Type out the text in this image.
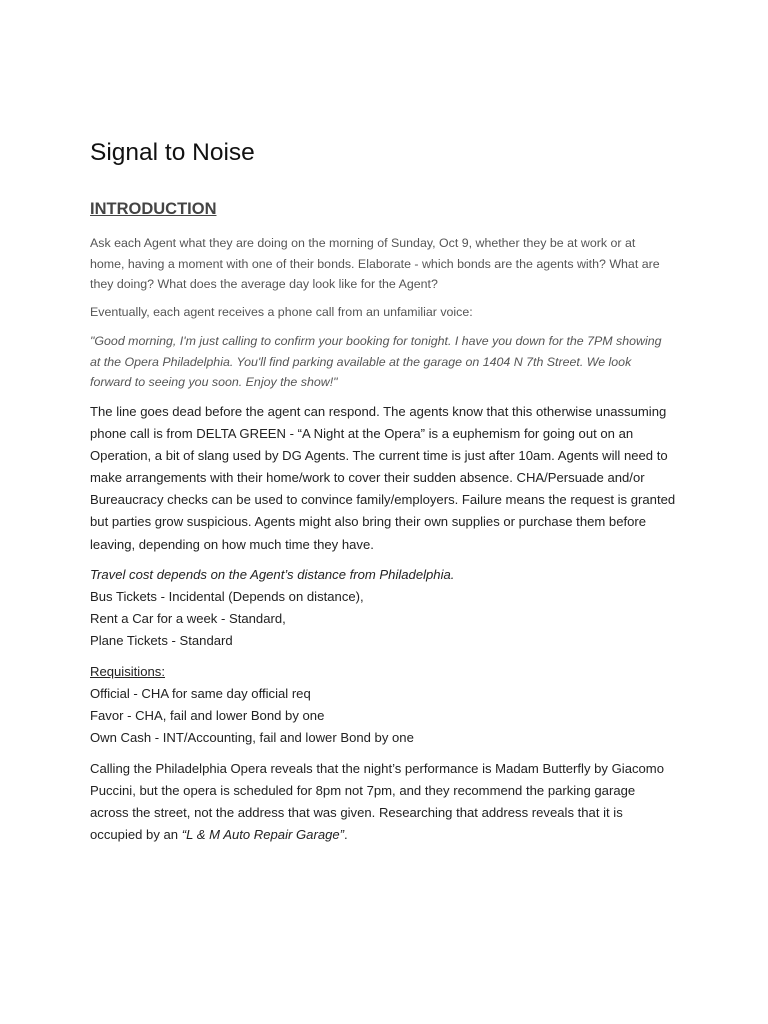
Signal to Noise
INTRODUCTION

Ask each Agent what they are doing on the morning of Sunday, Oct 9, whether they be at work or at
home, having a moment with one of their bonds. Elaborate - which bonds are the agents with? What are
they doing? What does the average day look like for the Agent?

Eventually, each agent receives a phone call from an unfamiliar voice:

"Good morning, I'm just calling to confirm your booking for tonight. I have you down for the 7PM showing
at the Opera Philadelphia. You'll find parking available at the garage on 1404 N 7th Street. We look
forward to seeing you soon. Enjoy the show!"

The line goes dead before the agent can respond. The agents know that this otherwise unassuming
phone call is from DELTA GREEN - “A Night at the Opera” is a euphemism for going out on an
Operation, a bit of slang used by DG Agents. The current time is just after 10am. Agents will need to
make arrangements with their home/work to cover their sudden absence. CHA/Persuade and/or
Bureaucracy checks can be used to convince family/employers. Failure means the request is granted
but parties grow suspicious. Agents might also bring their own supplies or purchase them before
leaving, depending on how much time they have.

Travel cost depends on the Agent’s distance from Philadelphia.
Bus Tickets - Incidental (Depends on distance),
Rent a Car for a week - Standard,
Plane Tickets - Standard

Requisitions:
Official - CHA for same day official req
Favor - CHA, fail and lower Bond by one
Own Cash - INT/Accounting, fail and lower Bond by one

Calling the Philadelphia Opera reveals that the night’s performance is Madam Butterfly by Giacomo
Puccini, but the opera is scheduled for 8pm not 7pm, and they recommend the parking garage
across the street, not the address that was given. Researching that address reveals that it is
occupied by an “L & M Auto Repair Garage”.
